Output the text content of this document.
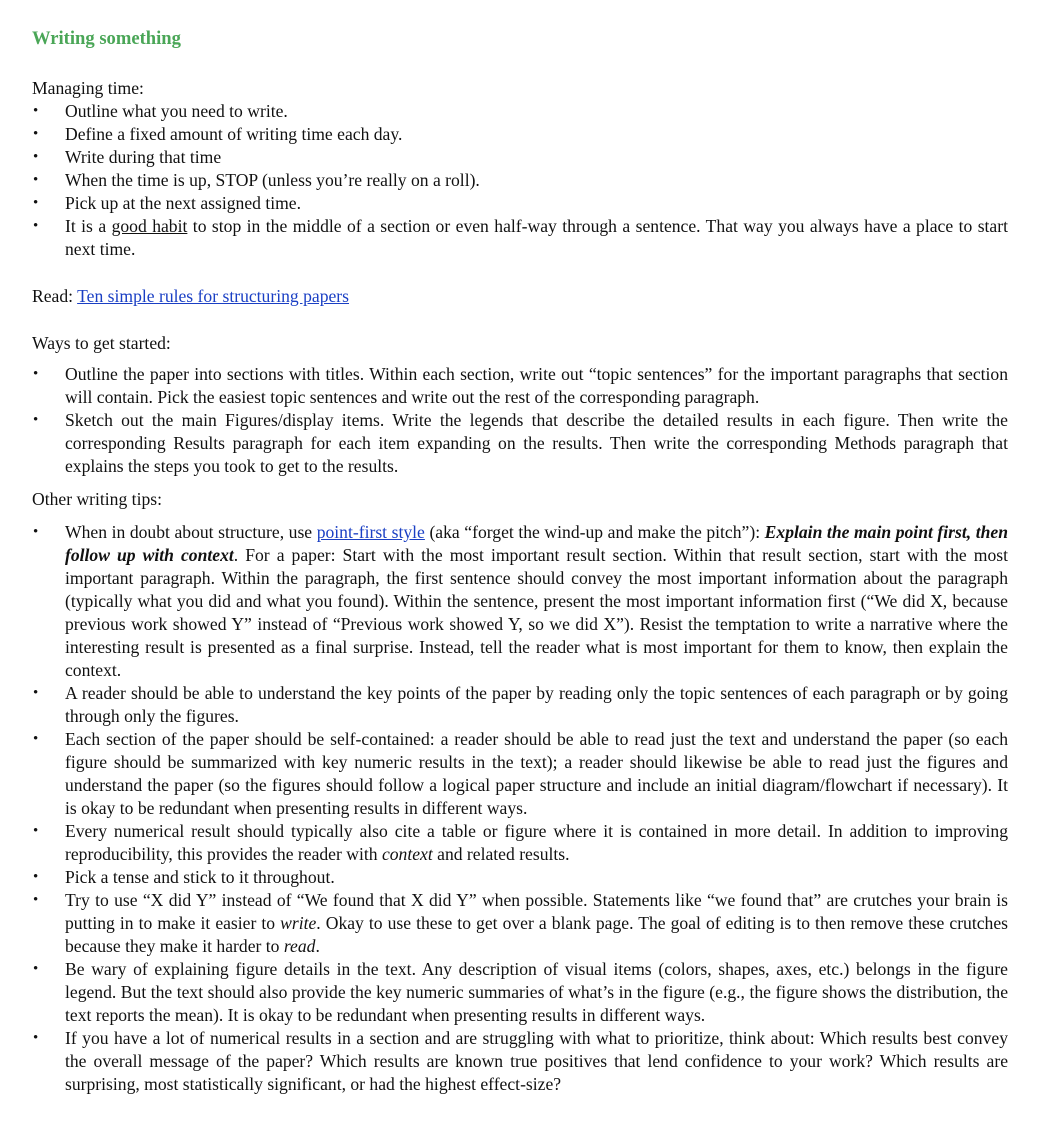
Writing something

Managing time:

• Outline what you need to write.
• Define a fixed amount of writing time each day.
• Write during that time
• When the time is up, STOP (unless you’re really on a roll).
• Pick up at the next assigned time.
• It is a good habit to stop in the middle of a section or even half-way through a sentence. That way you always have a place to start next time.

Read: Ten simple rules for structuring papers

Ways to get started:

• Outline the paper into sections with titles. Within each section, write out “topic sentences” for the important paragraphs that section will contain. Pick the easiest topic sentences and write out the rest of the corresponding paragraph.
• Sketch out the main Figures/display items. Write the legends that describe the detailed results in each figure. Then write the corresponding Results paragraph for each item expanding on the results. Then write the corresponding Methods paragraph that explains the steps you took to get to the results.

Other writing tips:

• When in doubt about structure, use point-first style (aka “forget the wind-up and make the pitch”): Explain the main point first, then follow up with context. For a paper: Start with the most important result section. Within that result section, start with the most important paragraph. Within the paragraph, the first sentence should convey the most important information about the paragraph (typically what you did and what you found). Within the sentence, present the most important information first (“We did X, because previous work showed Y” instead of “Previous work showed Y, so we did X”). Resist the temptation to write a narrative where the interesting result is presented as a final surprise. Instead, tell the reader what is most important for them to know, then explain the context.
• A reader should be able to understand the key points of the paper by reading only the topic sentences of each paragraph or by going through only the figures.
• Each section of the paper should be self-contained: a reader should be able to read just the text and understand the paper (so each figure should be summarized with key numeric results in the text); a reader should likewise be able to read just the figures and understand the paper (so the figures should follow a logical paper structure and include an initial diagram/flowchart if necessary). It is okay to be redundant when presenting results in different ways.
• Every numerical result should typically also cite a table or figure where it is contained in more detail. In addition to improving reproducibility, this provides the reader with context and related results.
• Pick a tense and stick to it throughout.
• Try to use “X did Y” instead of “We found that X did Y” when possible. Statements like “we found that” are crutches your brain is putting in to make it easier to write. Okay to use these to get over a blank page. The goal of editing is to then remove these crutches because they make it harder to read.
• Be wary of explaining figure details in the text. Any description of visual items (colors, shapes, axes, etc.) belongs in the figure legend. But the text should also provide the key numeric summaries of what’s in the figure (e.g., the figure shows the distribution, the text reports the mean). It is okay to be redundant when presenting results in different ways.
• If you have a lot of numerical results in a section and are struggling with what to prioritize, think about: Which results best convey the overall message of the paper? Which results are known true positives that lend confidence to your work? Which results are surprising, most statistically significant, or had the highest effect-size?
